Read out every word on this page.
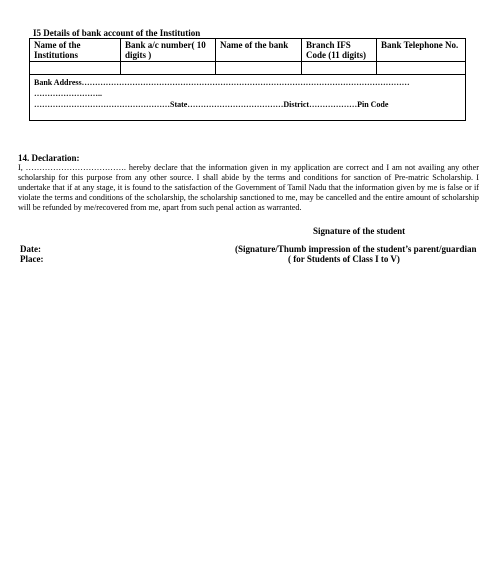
I5 Details of bank account of the Institution
Name of the Institutions	Bank a/c number( 10 digits )	Name of the bank	Branch IFS Code (11 digits)	Bank Telephone No.

Bank Address……………………………………………………………………………………………………………
……………………..
……………………………………………State………………………………District………………Pin Code				
14. Declaration:
I, ………………………………. hereby declare that the information given in my application are correct and I am not availing any other scholarship for this purpose from any other source. I shall abide by the terms and conditions for sanction of Pre-matric Scholarship. I undertake that if at any stage, it is found to the satisfaction of the Government of Tamil Nadu that the information given by me is false or if violate the terms and conditions of the scholarship, the scholarship sanctioned to me, may be cancelled and the entire amount of scholarship will be refunded by me/recovered from me, apart from such penal action as warranted.
Signature of the student
Date:
Place:
(Signature/Thumb impression of the student’s parent/guardian
( for Students of Class I to V)
